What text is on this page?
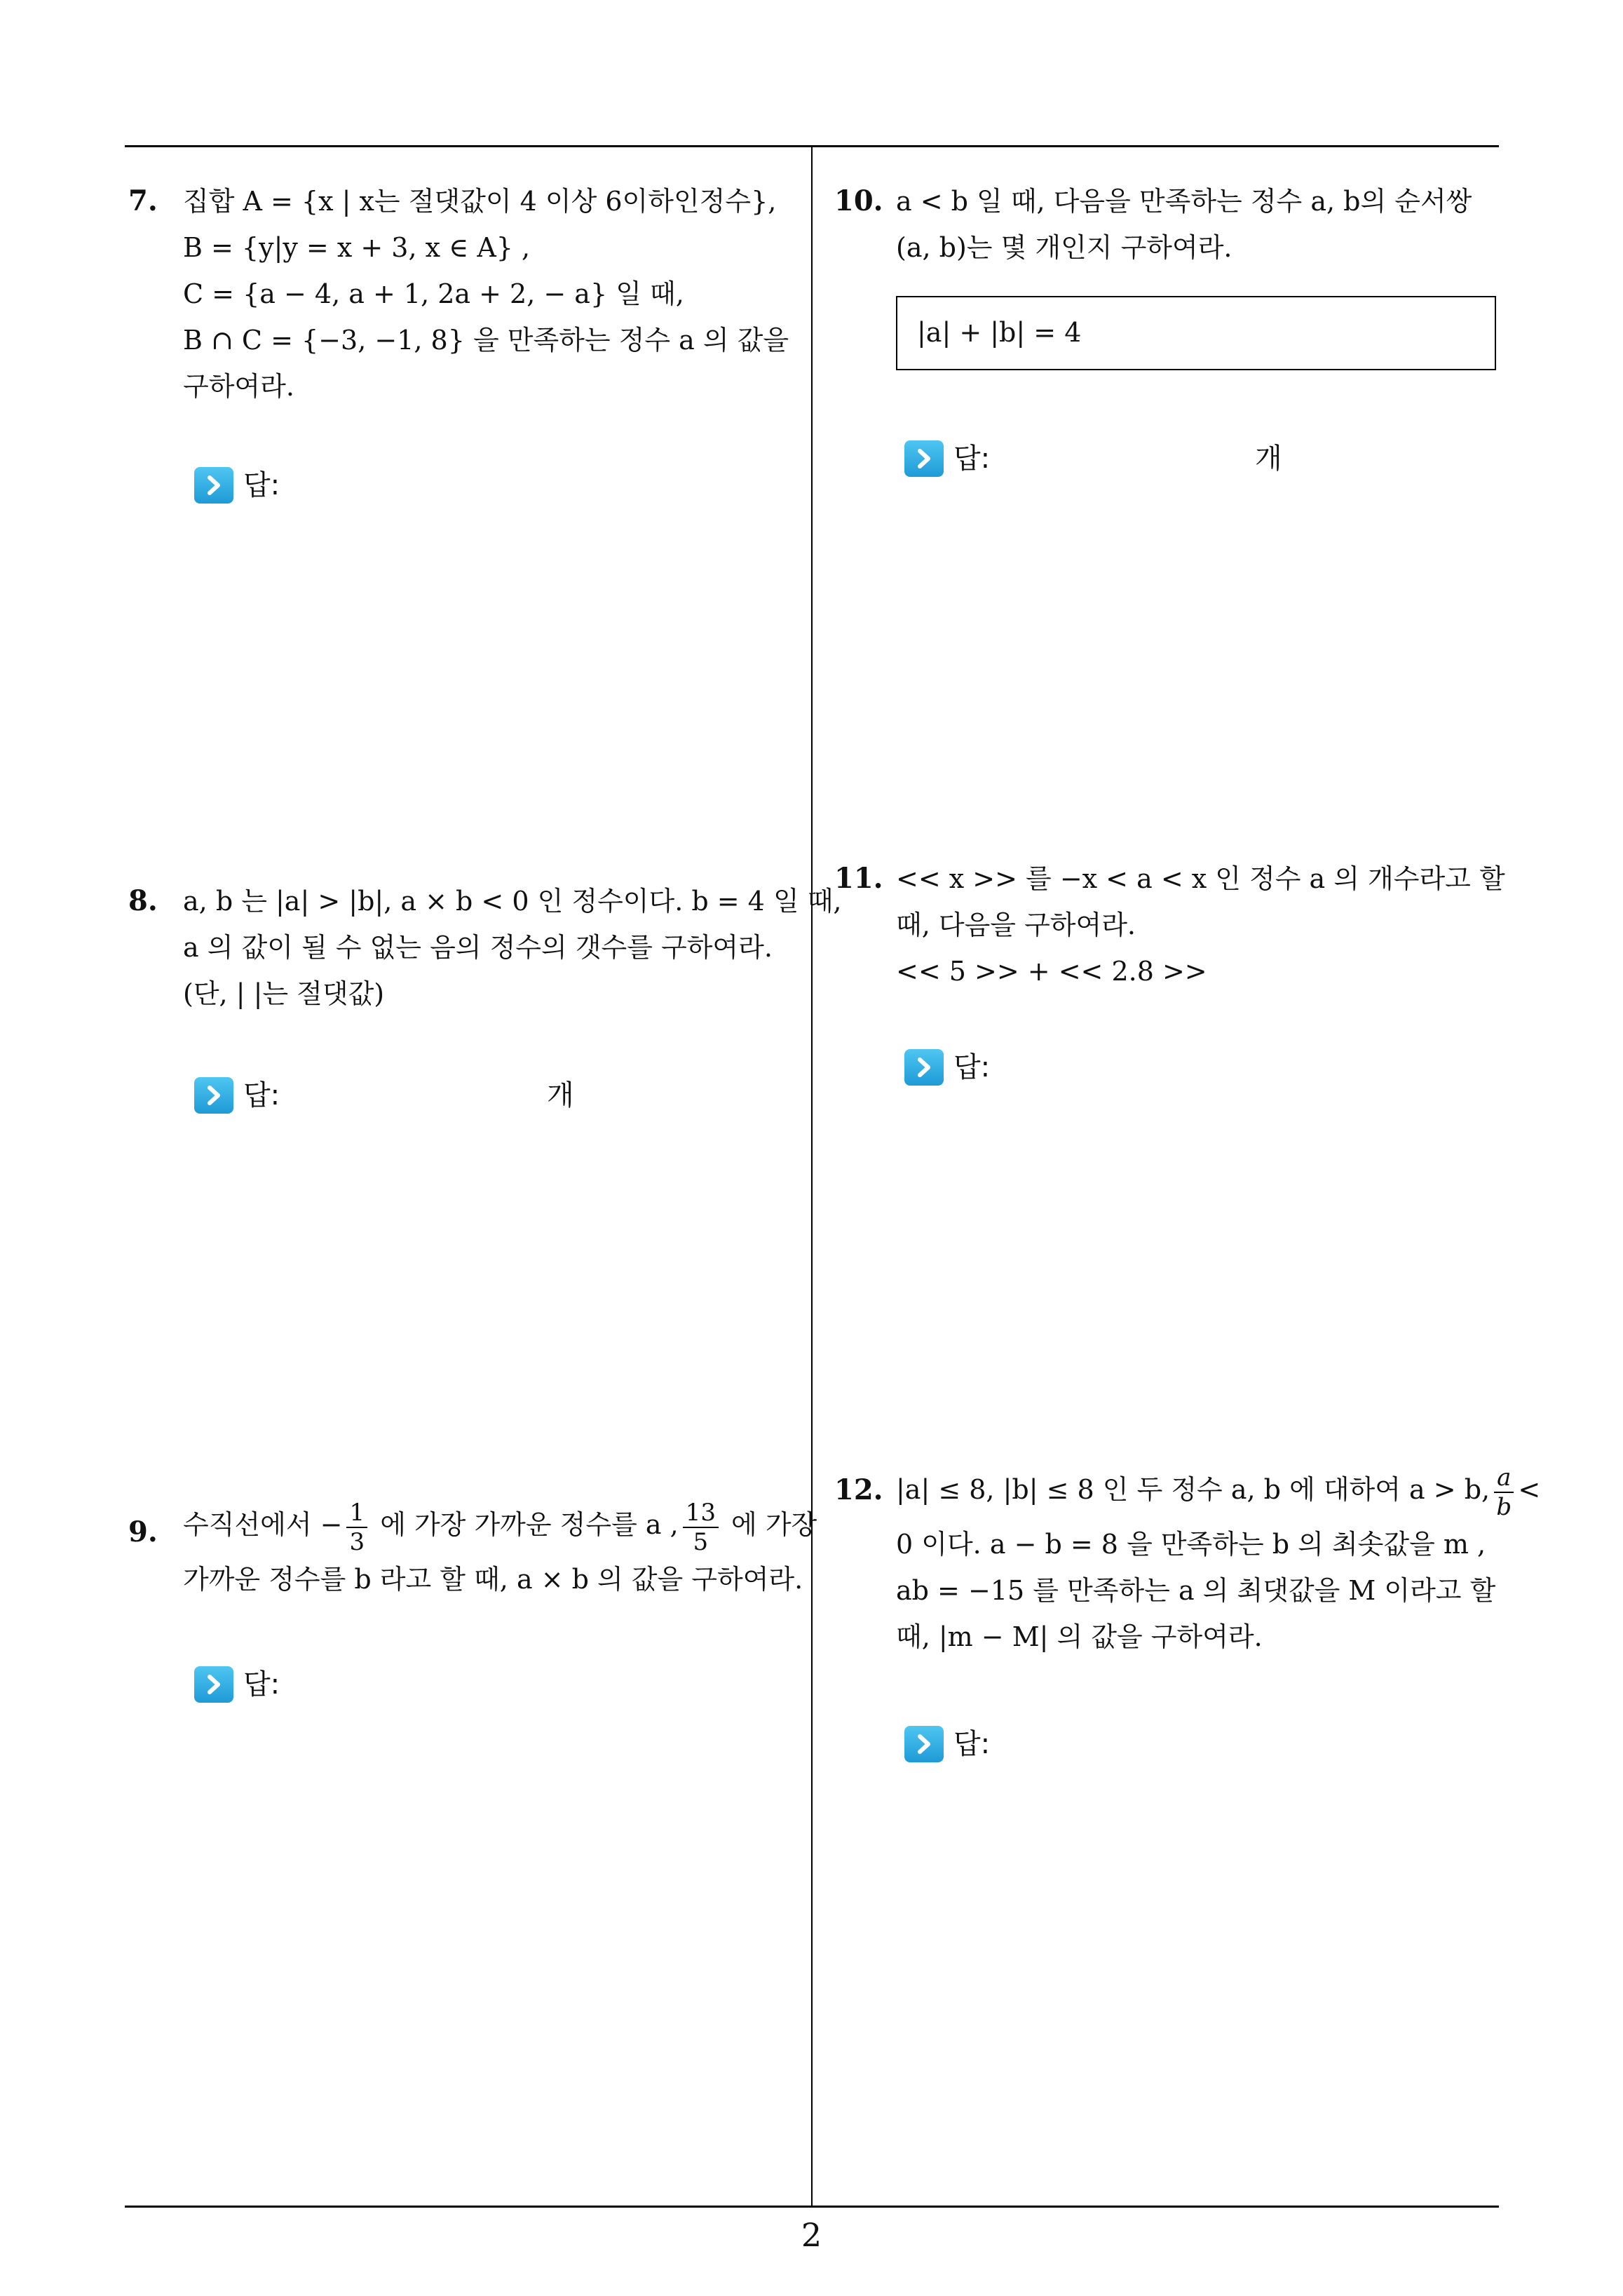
7. 집합 A = {x | x는 절댓값이 4 이상 6이하인정수},
B = {y|y = x + 3, x ∈ A} ,
C = {a − 4, a + 1, 2a + 2, − a} 일 때,
B ∩ C = {−3, −1, 8} 을 만족하는 정수 a 의 값을
구하여라.
답:
8. a, b 는 |a| > |b|, a × b < 0 인 정수이다. b = 4 일 때,
a 의 값이 될 수 없는 음의 정수의 갯수를 구하여라.
(단, | |는 절댓값)
답:	개
9. 수직선에서 − $\frac{1}{3}$ 에 가장 가까운 정수를 a , $\frac{13}{5}$ 에 가장
가까운 정수를 b 라고 할 때, a × b 의 값을 구하여라.
답:
10. a < b 일 때, 다음을 만족하는 정수 a, b의 순서쌍
(a, b)는 몇 개인지 구하여라.
|a| + |b| = 4
답:	개
11. << x >> 를 −x < a < x 인 정수 a 의 개수라고 할
때, 다음을 구하여라.
<< 5 >> + << 2.8 >>
답:
12. |a| ≤ 8, |b| ≤ 8 인 두 정수 a, b 에 대하여 a > b, $\frac{a}{b}$ <
0 이다. a − b = 8 을 만족하는 b 의 최솟값을 m ,
ab = −15 를 만족하는 a 의 최댓값을 M 이라고 할
때, |m − M| 의 값을 구하여라.
답:
2
